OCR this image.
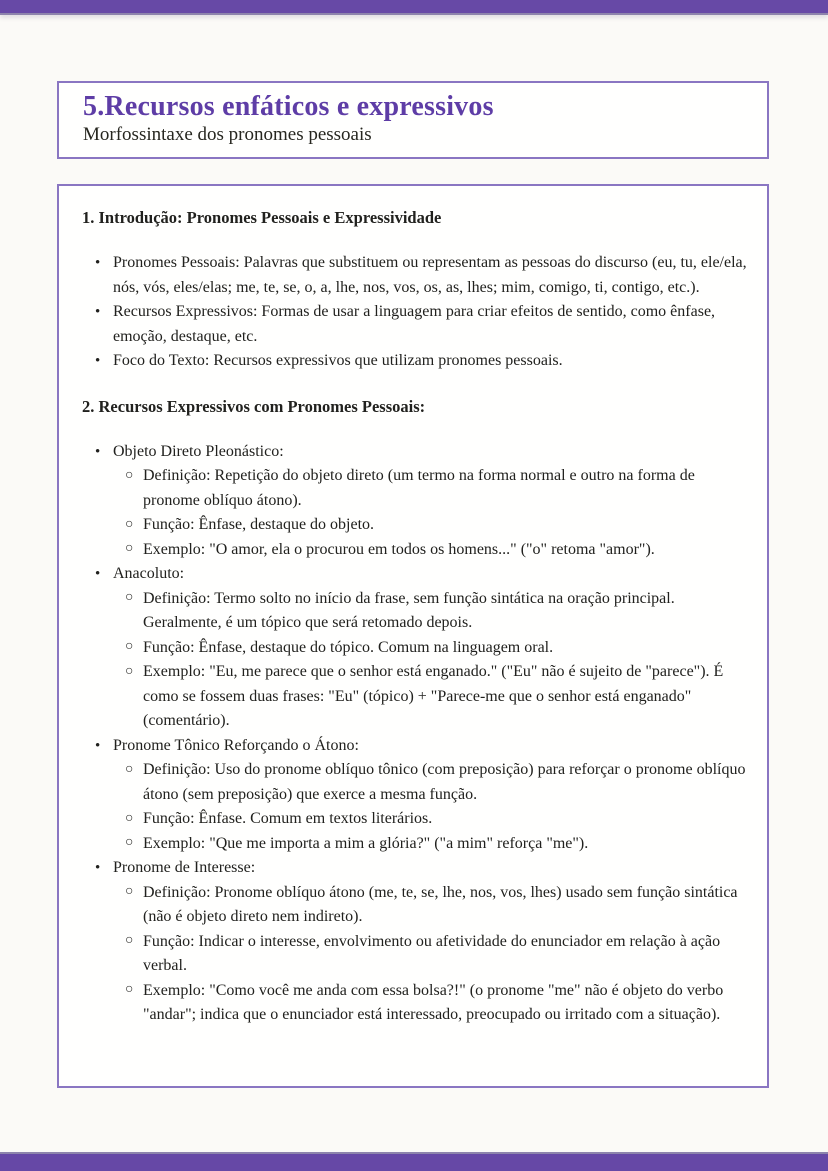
5.Recursos enfáticos e expressivos

Morfossintaxe dos pronomes pessoais

1. Introdução: Pronomes Pessoais e Expressividade
• Pronomes Pessoais: Palavras que substituem ou representam as pessoas do discurso (eu, tu, ele/ela, nós, vós, eles/elas; me, te, se, o, a, lhe, nos, vos, os, as, lhes; mim, comigo, ti, contigo, etc.).
• Recursos Expressivos: Formas de usar a linguagem para criar efeitos de sentido, como ênfase, emoção, destaque, etc.
• Foco do Texto: Recursos expressivos que utilizam pronomes pessoais.
2. Recursos Expressivos com Pronomes Pessoais:
• Objeto Direto Pleonástico:
○ Definição: Repetição do objeto direto (um termo na forma normal e outro na forma de pronome oblíquo átono).
○ Função: Ênfase, destaque do objeto.
○ Exemplo: "O amor, ela o procurou em todos os homens..." ("o" retoma "amor").
• Anacoluto:
○ Definição: Termo solto no início da frase, sem função sintática na oração principal. Geralmente, é um tópico que será retomado depois.
○ Função: Ênfase, destaque do tópico. Comum na linguagem oral.
○ Exemplo: "Eu, me parece que o senhor está enganado." ("Eu" não é sujeito de "parece"). É como se fossem duas frases: "Eu" (tópico) + "Parece-me que o senhor está enganado" (comentário).
• Pronome Tônico Reforçando o Átono:
○ Definição: Uso do pronome oblíquo tônico (com preposição) para reforçar o pronome oblíquo átono (sem preposição) que exerce a mesma função.
○ Função: Ênfase. Comum em textos literários.
○ Exemplo: "Que me importa a mim a glória?" ("a mim" reforça "me").
• Pronome de Interesse:
○ Definição: Pronome oblíquo átono (me, te, se, lhe, nos, vos, lhes) usado sem função sintática (não é objeto direto nem indireto).
○ Função: Indicar o interesse, envolvimento ou afetividade do enunciador em relação à ação verbal.
○ Exemplo: "Como você me anda com essa bolsa?!" (o pronome "me" não é objeto do verbo "andar"; indica que o enunciador está interessado, preocupado ou irritado com a situação).
